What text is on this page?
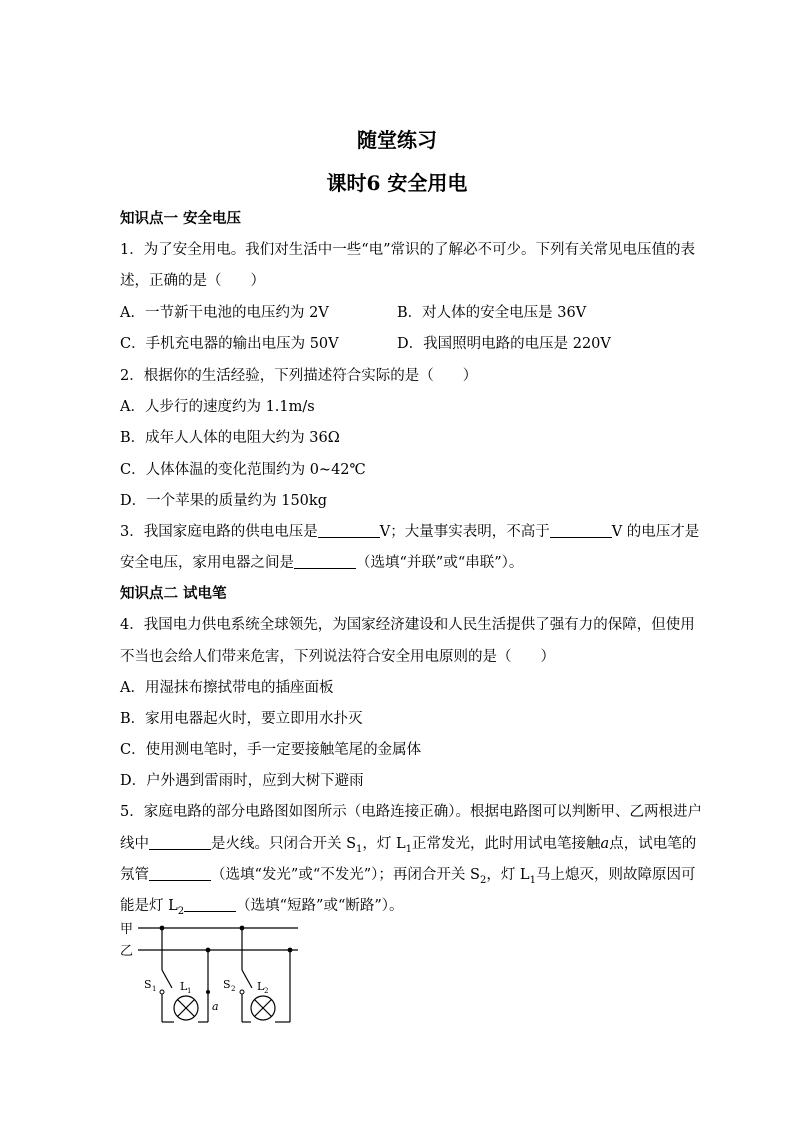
随堂练习
课时6 安全用电
知识点一 安全电压
1．为了安全用电。我们对生活中一些“电”常识的了解必不可少。下列有关常见电压值的表
述，正确的是（　　）
A．一节新干电池的电压约为 2V	B．对人体的安全电压是 36V
C．手机充电器的输出电压为 50V	D．我国照明电路的电压是 220V
2．根据你的生活经验，下列描述符合实际的是（　　）
A．人步行的速度约为 1.1m/s
B．成年人人体的电阻大约为 36Ω
C．人体体温的变化范围约为 0~42℃
D．一个苹果的质量约为 150kg
3．我国家庭电路的供电电压是	V；大量事实表明，不高于	V 的电压才是
安全电压，家用电器之间是	（选填“并联”或“串联”）。
知识点二 试电笔
4．我国电力供电系统全球领先，为国家经济建设和人民生活提供了强有力的保障，但使用
不当也会给人们带来危害，下列说法符合安全用电原则的是（　　）
A．用湿抹布擦拭带电的插座面板
B．家用电器起火时，要立即用水扑灭
C．使用测电笔时，手一定要接触笔尾的金属体
D．户外遇到雷雨时，应到大树下避雨
5．家庭电路的部分电路图如图所示（电路连接正确）。根据电路图可以判断甲、乙两根进户
线中	是火线。只闭合开关 $S_1$，灯 $L_1$正常发光，此时用试电笔接触a点，试电笔的
氖管	（选填“发光”或“不发光”）；再闭合开关 $S_2$，灯 $L_1$马上熄灭，则故障原因可
能是灯 $L_2$	（选填“短路”或“断路”）。
甲
乙
S 1 L 1
a
S 2 L 2
